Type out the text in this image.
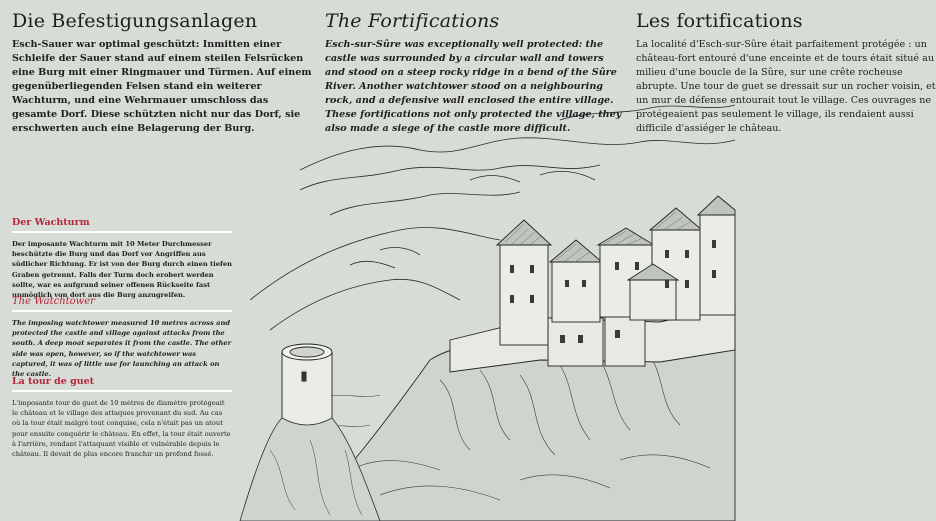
Die Befestigungsanlagen

Esch-Sauer war optimal geschützt: Inmitten einer Schleife der Sauer stand auf einem steilen Felsrücken eine Burg mit einer Ringmauer und Türmen. Auf einem gegenüberliegenden Felsen stand ein weiterer Wachturm, und eine Wehrmauer umschloss das gesamte Dorf. Diese schützten nicht nur das Dorf, sie erschwerten auch eine Belagerung der Burg.

The Fortifications

Esch-sur-Sûre was exceptionally well protected: the castle was surrounded by a circular wall and towers and stood on a steep rocky ridge in a bend of the Sûre River. Another watchtower stood on a neighbouring rock, and a defensive wall enclosed the entire village. These fortifications not only protected the village, they also made a siege of the castle more difficult.

Les fortifications

La localité d'Esch-sur-Sûre était parfaitement protégée : un château-fort entouré d'une enceinte et de tours était situé au milieu d'une boucle de la Sûre, sur une crête rocheuse abrupte. Une tour de guet se dressait sur un rocher voisin, et un mur de défense entourait tout le village. Ces ouvrages ne protégeaient pas seulement le village, ils rendaient aussi difficile d'assiéger le château.

Der Wachturm

Der imposante Wachturm mit 10 Meter Durchmesser beschützte die Burg und das Dorf vor Angriffen aus südlicher Richtung. Er ist von der Burg durch einen tiefen Graben getrennt. Falls der Turm doch erobert werden sollte, war es aufgrund seiner offenen Rückseite fast unmöglich von dort aus die Burg anzugreifen.

The Watchtower

The imposing watchtower measured 10 metres across and protected the castle and village against attacks from the south. A deep moat separates it from the castle. The other side was open, however, so if the watchtower was captured, it was of little use for launching an attack on the castle.

La tour de guet

L'imposante tour de guet de 10 mètres de diamètre protégeait le château et le village des attaques provenant du sud. Au cas où la tour était malgré tout conquise, cela n'était pas un atout pour ensuite conquérir le château. En effet, la tour était ouverte à l'arrière, rendant l'attaquant visible et vulnérable depuis le château. Il devait de plus encore franchir un profond fossé.
